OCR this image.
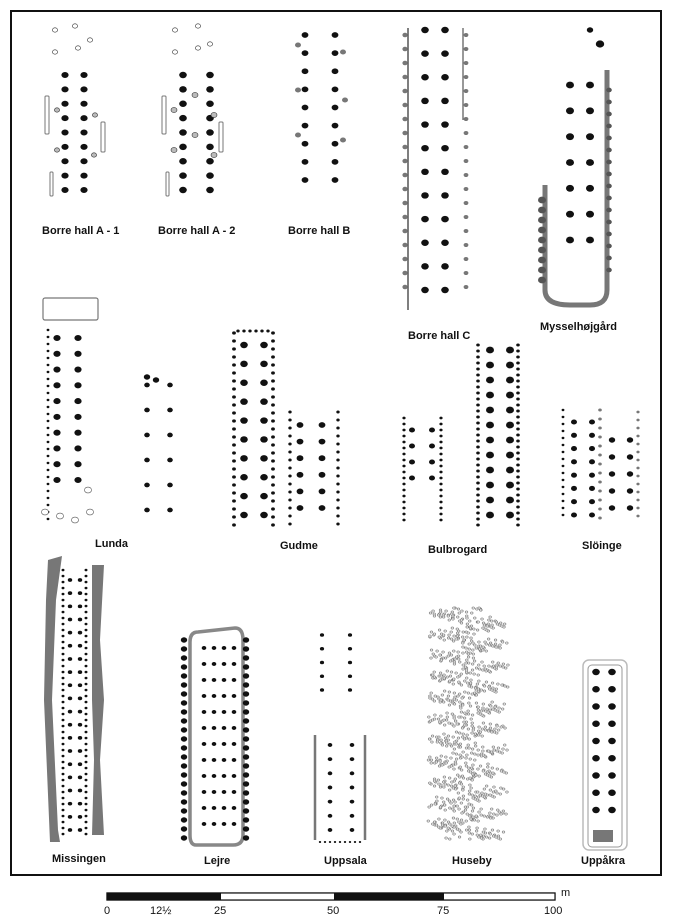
Borre hall A - 1	Borre hall A - 2	Borre hall B
Borre hall C
Mysselhøjgård
Lunda	Gudme	Bulbrogard	Slöinge
Missingen	Lejre	Uppsala	Huseby	Uppåkra
0	12½	25	50	75	100
m
